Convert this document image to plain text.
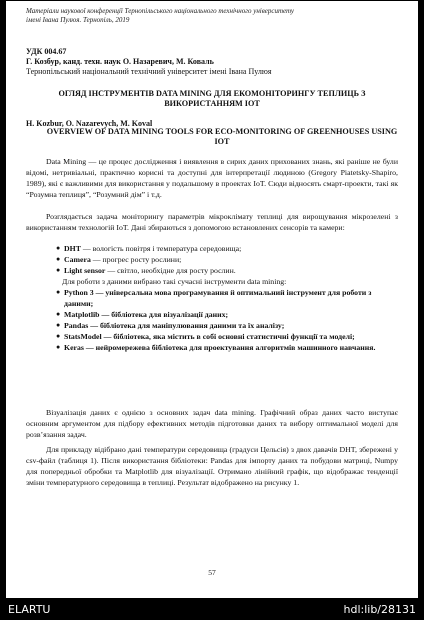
Матеріали наукової конференції Тернопільського національного технічного університету
імені Івана Пулюя. Тернопіль, 2019
УДК 004.67
Г. Козбур, канд. техн. наук О. Назаревич, М. Коваль
Тернопільський національний технічний університет імені Івана Пулюя
ОГЛЯД ІНСТРУМЕНТІВ DATA MINING ДЛЯ ЕКОМОНІТОРИНГУ ТЕПЛИЦЬ З ВИКОРИСТАННЯМ IOT
H. Kozbur, O. Nazarevych, M. Koval
OVERVIEW OF DATA MINING TOOLS FOR ECO-MONITORING OF GREENHOUSES USING IOT
Data Mining — це процес дослідження і виявлення в сирих даних прихованих знань, які раніше не були відомі, нетривіальні, практично корисні та доступні для інтерпретації людиною (Gregory Piatetsky-Shapiro, 1989), які є важливими для використання у подальшому в проектах IoT. Сюди відносять смарт-проекти, такі як “Розумна теплиця”, “Розумний дім” і т.д.
Розглядається задача моніторингу параметрів мікроклімату теплиці для вирощування мікрозелені з використанням технологій IoT. Дані збираються з допомогою встановлених сенсорів та камери:
● DHT — вологість повітря і температура середовища;
● Camera — прогрес росту рослини;
● Light sensor — світло, необхідне для росту рослин.
Для роботи з даними вибрано такі сучасні інструменти data mining:
● Python 3 — універсальна мова програмування й оптимальний інструмент для роботи з даними;
● Matplotlib — бібліотека для візуалізації даних;
● Pandas — бібліотека для маніпулювання даними та їх аналізу;
● StatsModel — бібліотека, яка містить в собі основні статистичні функції та моделі;
● Keras — нейромережева бібліотека для проектування алгоритмів машинного навчання.
Візуалізація даних є однією з основних задач data mining. Графічний образ даних часто виступає основним аргументом для підбору ефективних методів підготовки даних та вибору оптимальної моделі для розв’язання задач.
Для прикладу відібрано дані температури середовища (градуси Цельсія) з двох давачів DHT, збережені у csv-файл (таблиця 1). Після використання бібліотеки: Pandas для імпорту даних та побудови матриці, Numpy для попередньої обробки та Matplotlib для візуалізації. Отримано лінійний графік, що відображає тенденції зміни температурного середовища в теплиці. Результат відображено на рисунку 1.
57
ELARTU	hdl:lib/28131
